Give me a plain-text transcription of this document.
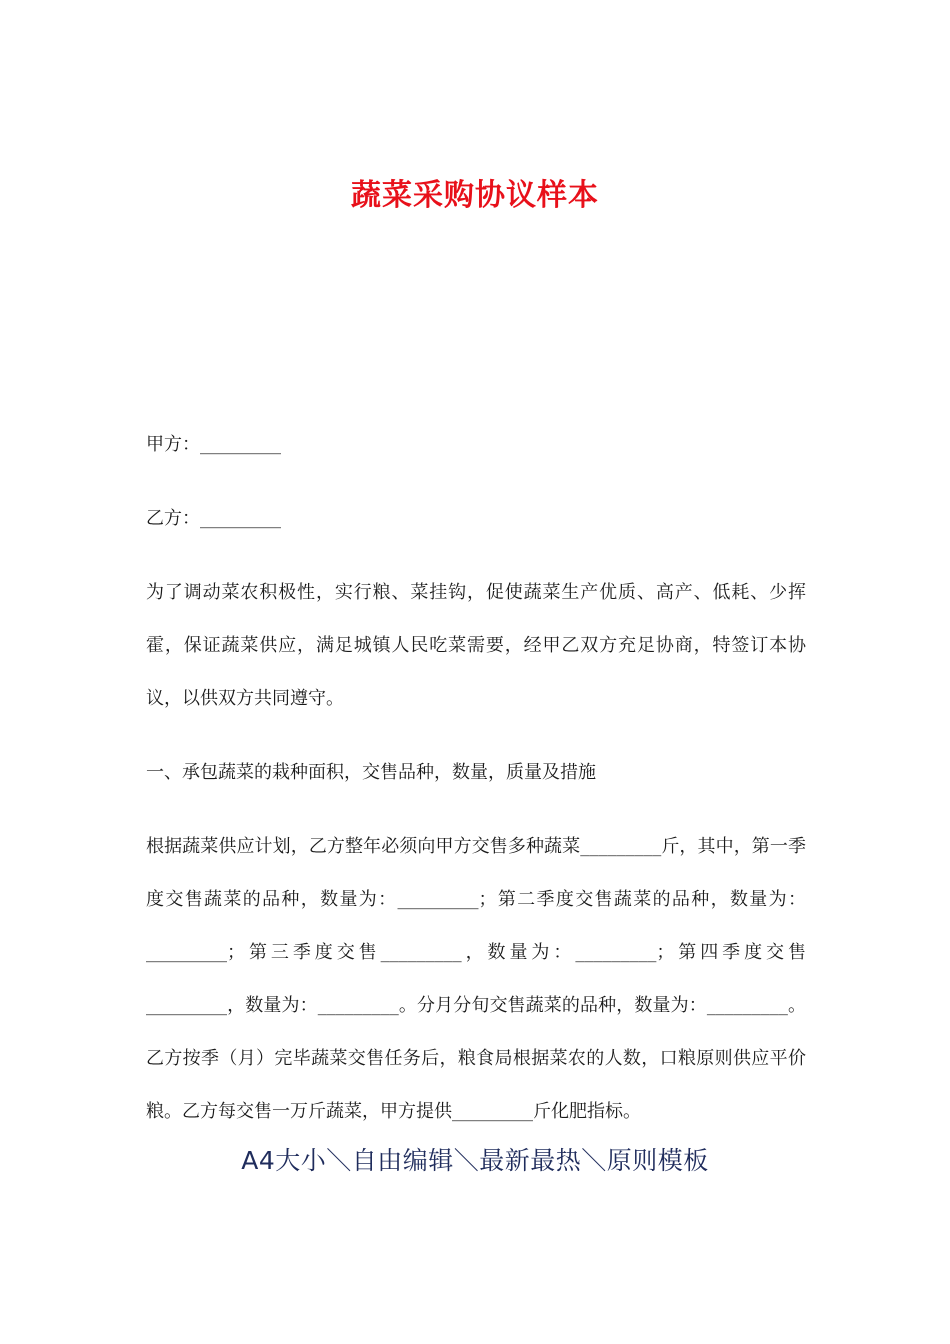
蔬菜采购协议样本
甲方：_________
乙方：_________
为了调动菜农积极性，实行粮、菜挂钩，促使蔬菜生产优质、高产、低耗、少挥霍，保证蔬菜供应，满足城镇人民吃菜需要，经甲乙双方充足协商，特签订本协议，以供双方共同遵守。
一、承包蔬菜的栽种面积，交售品种，数量，质量及措施
根据蔬菜供应计划，乙方整年必须向甲方交售多种蔬菜_________斤，其中，第一季度交售蔬菜的品种，数量为：_________；第二季度交售蔬菜的品种，数量为：_________；第三季度交售_________，数量为：_________；第四季度交售_________，数量为：_________。分月分旬交售蔬菜的品种，数量为：_________。乙方按季（月）完毕蔬菜交售任务后，粮食局根据菜农的人数，口粮原则供应平价粮。乙方每交售一万斤蔬菜，甲方提供_________斤化肥指标。
A4大小＼自由编辑＼最新最热＼原则模板
